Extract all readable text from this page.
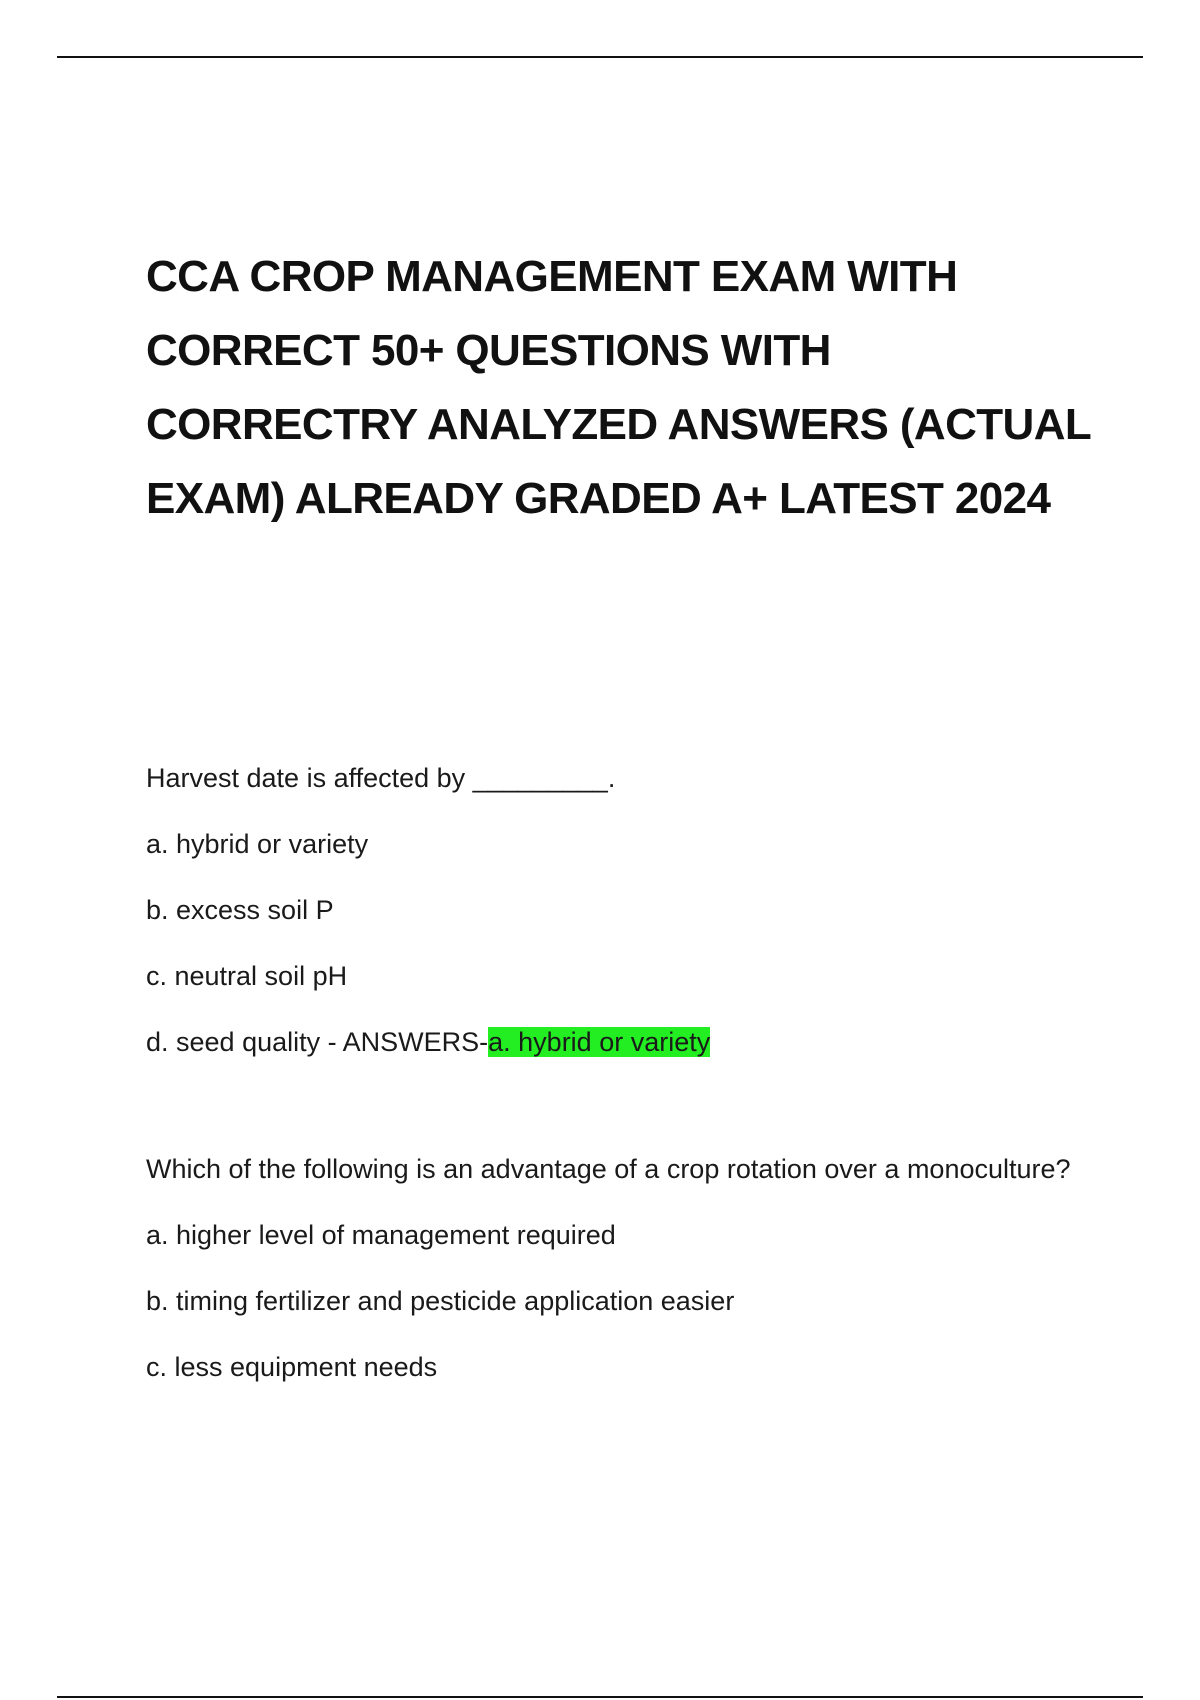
CCA CROP MANAGEMENT EXAM WITH CORRECT 50+ QUESTIONS WITH CORRECTRY ANALYZED ANSWERS (ACTUAL EXAM) ALREADY GRADED A+ LATEST 2024

Harvest date is affected by _________.

a. hybrid or variety

b. excess soil P

c. neutral soil pH

d. seed quality - ANSWERS-a. hybrid or variety

Which of the following is an advantage of a crop rotation over a monoculture?

a. higher level of management required

b. timing fertilizer and pesticide application easier

c. less equipment needs
